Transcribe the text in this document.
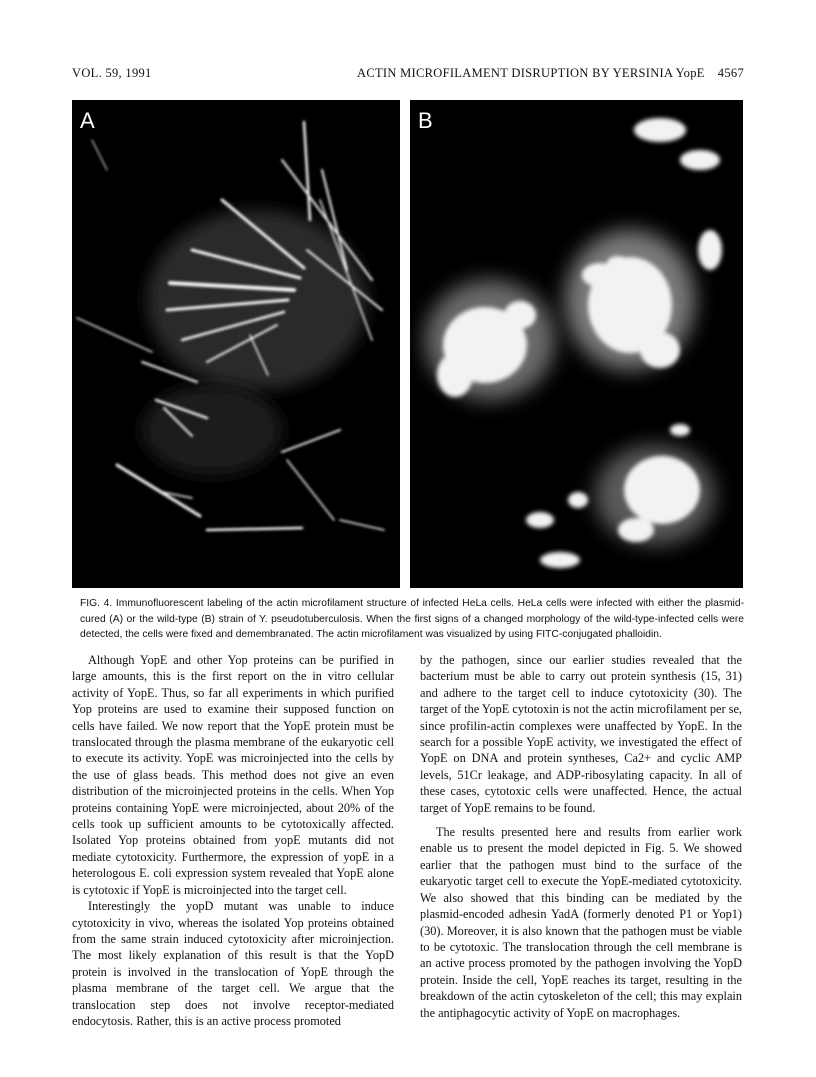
VOL. 59, 1991	ACTIN MICROFILAMENT DISRUPTION BY YERSINIA YopE 4567
A	B
FIG. 4. Immunofluorescent labeling of the actin microfilament structure of infected HeLa cells. HeLa cells were infected with either the plasmid-cured (A) or the wild-type (B) strain of Y. pseudotuberculosis. When the first signs of a changed morphology of the wild-type-infected cells were detected, the cells were fixed and demembranated. The actin microfilament was visualized by using FITC-conjugated phalloidin.

Although YopE and other Yop proteins can be purified in large amounts, this is the first report on the in vitro cellular activity of YopE. Thus, so far all experiments in which purified Yop proteins are used to examine their supposed function on cells have failed. We now report that the YopE protein must be translocated through the plasma membrane of the eukaryotic cell to execute its activity. YopE was microinjected into the cells by the use of glass beads. This method does not give an even distribution of the microinjected proteins in the cells. When Yop proteins containing YopE were microinjected, about 20% of the cells took up sufficient amounts to be cytotoxically affected. Isolated Yop proteins obtained from yopE mutants did not mediate cytotoxicity. Furthermore, the expression of yopE in a heterologous E. coli expression system revealed that YopE alone is cytotoxic if YopE is microinjected into the target cell.

Interestingly the yopD mutant was unable to induce cytotoxicity in vivo, whereas the isolated Yop proteins obtained from the same strain induced cytotoxicity after microinjection. The most likely explanation of this result is that the YopD protein is involved in the translocation of YopE through the plasma membrane of the target cell. We argue that the translocation step does not involve receptor-mediated endocytosis. Rather, this is an active process promoted

by the pathogen, since our earlier studies revealed that the bacterium must be able to carry out protein synthesis (15, 31) and adhere to the target cell to induce cytotoxicity (30). The target of the YopE cytotoxin is not the actin microfilament per se, since profilin-actin complexes were unaffected by YopE. In the search for a possible YopE activity, we investigated the effect of YopE on DNA and protein syntheses, Ca2+ and cyclic AMP levels, 51Cr leakage, and ADP-ribosylating capacity. In all of these cases, cytotoxic cells were unaffected. Hence, the actual target of YopE remains to be found.

The results presented here and results from earlier work enable us to present the model depicted in Fig. 5. We showed earlier that the pathogen must bind to the surface of the eukaryotic target cell to execute the YopE-mediated cytotoxicity. We also showed that this binding can be mediated by the plasmid-encoded adhesin YadA (formerly denoted P1 or Yop1) (30). Moreover, it is also known that the pathogen must be viable to be cytotoxic. The translocation through the cell membrane is an active process promoted by the pathogen involving the YopD protein. Inside the cell, YopE reaches its target, resulting in the breakdown of the actin cytoskeleton of the cell; this may explain the antiphagocytic activity of YopE on macrophages.
